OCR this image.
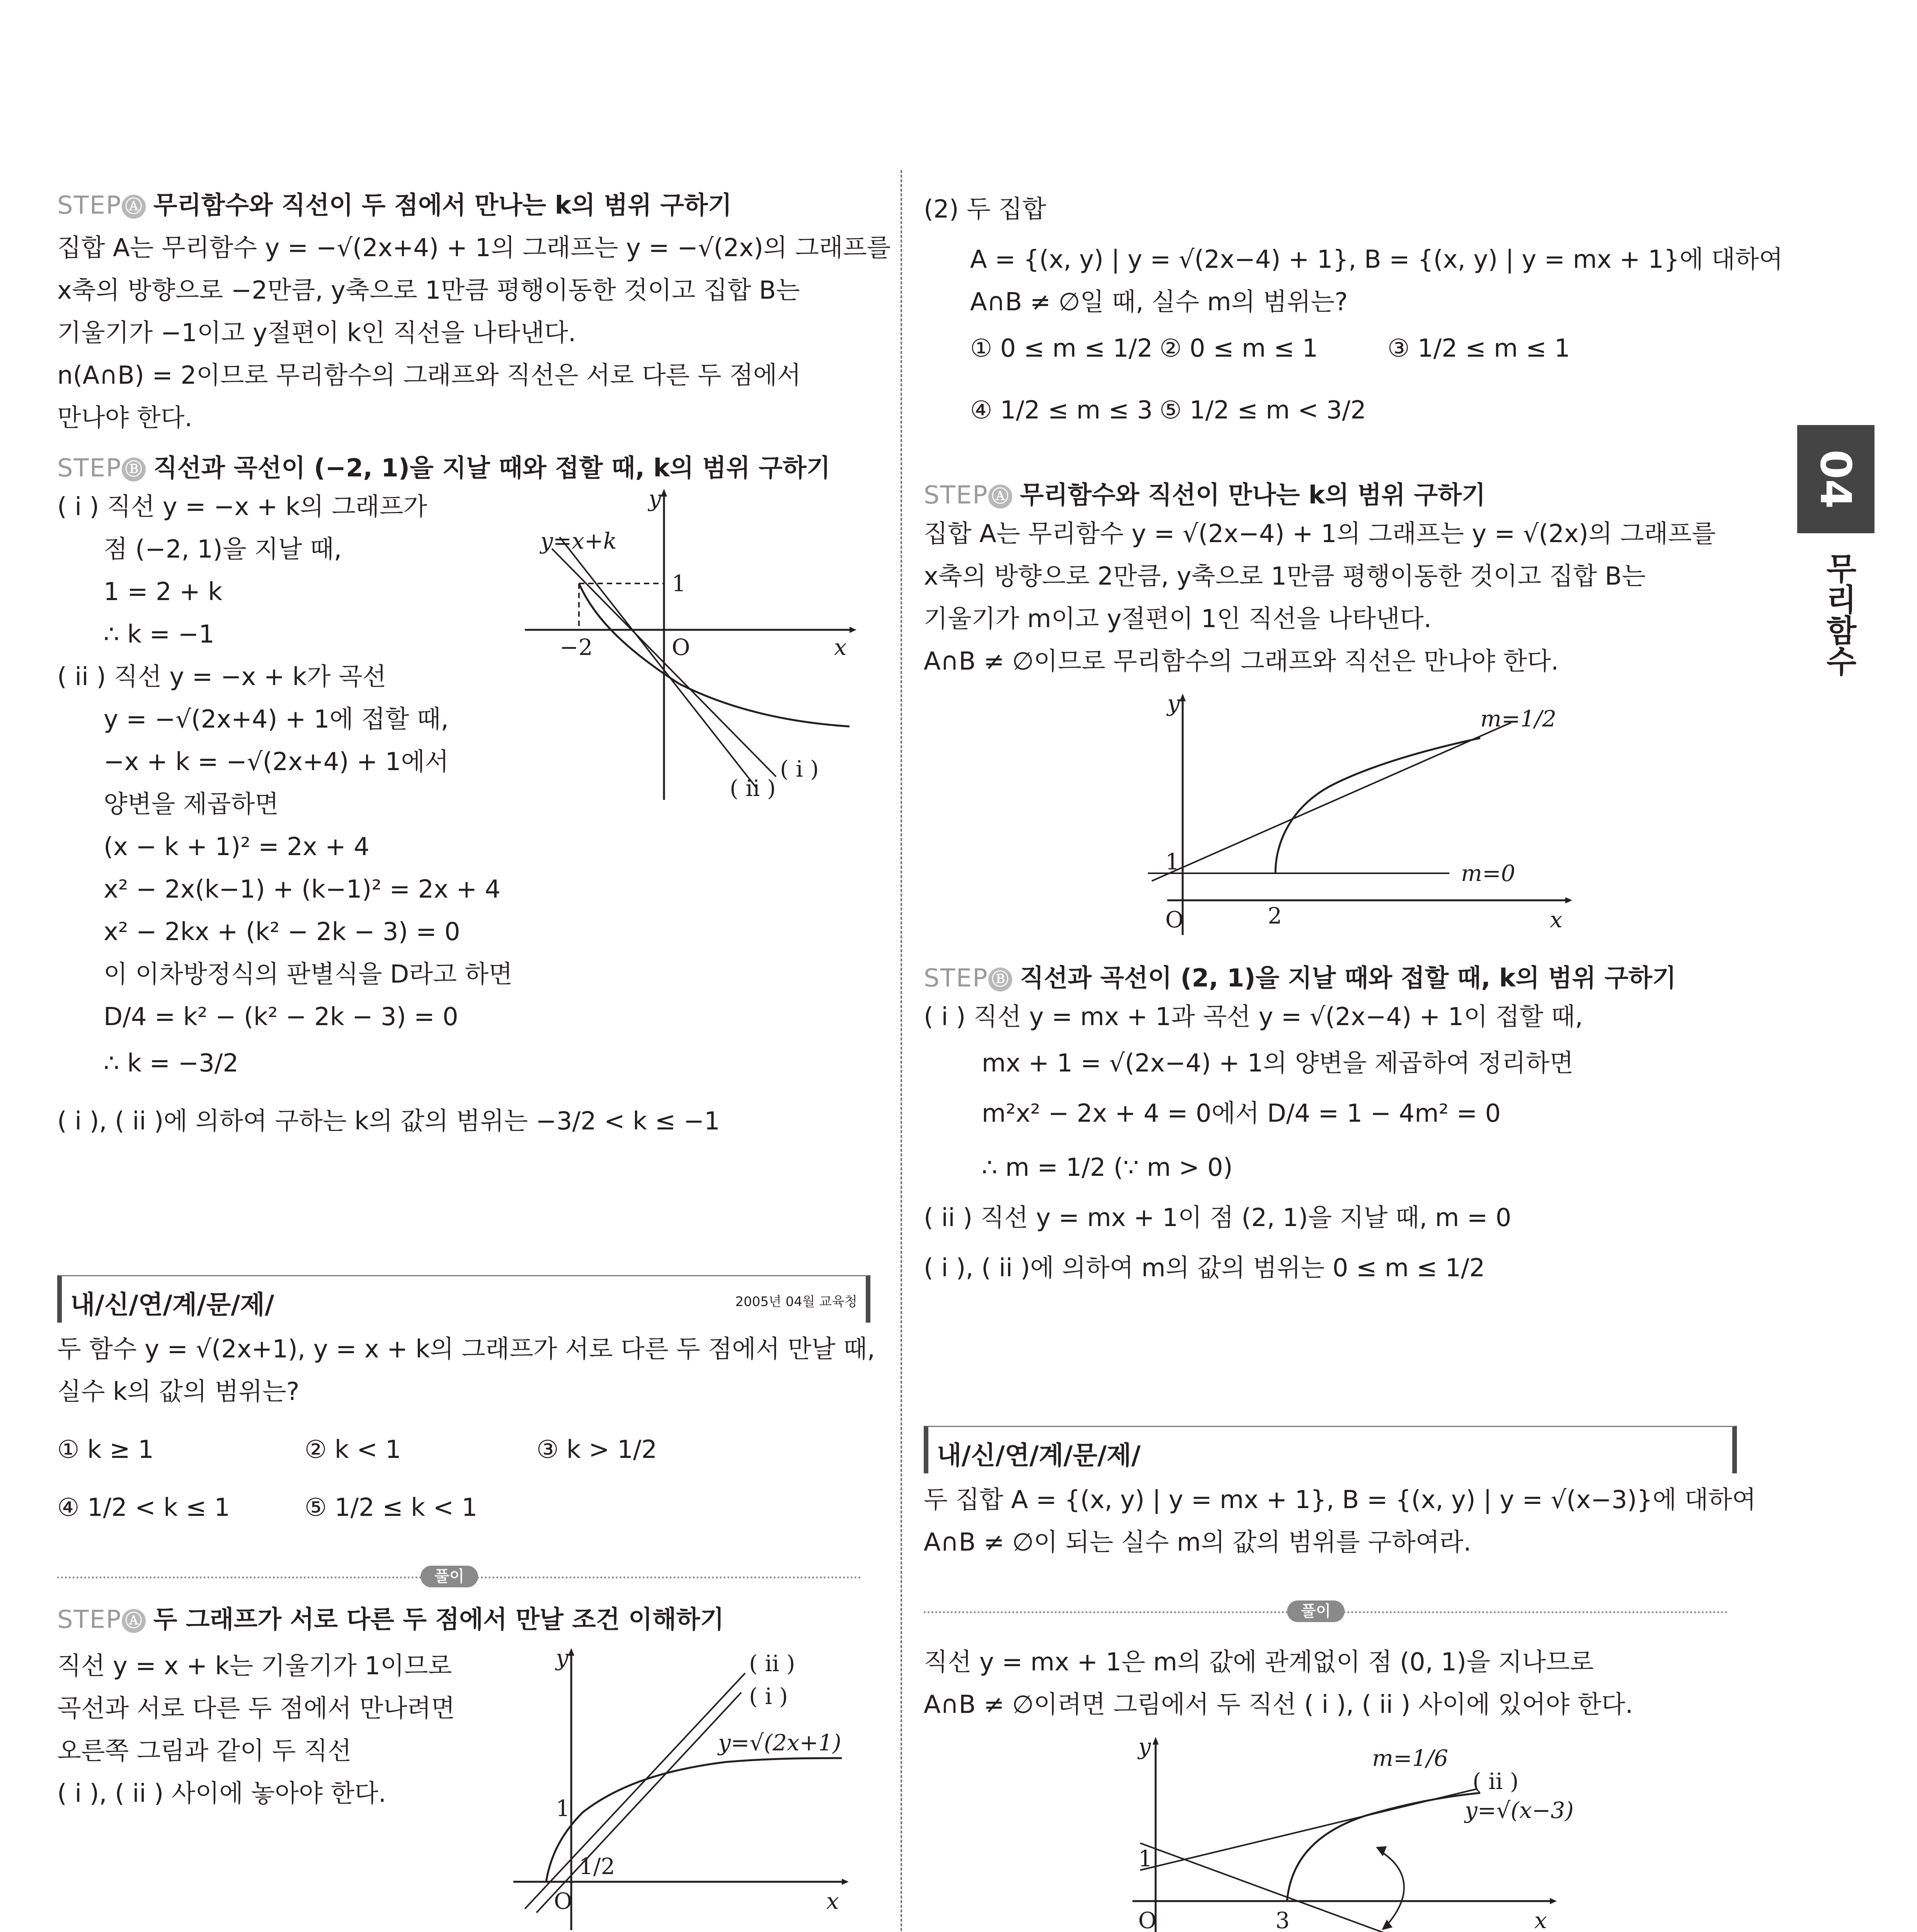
04
무리함수
STEP Ⓐ 무리함수와 직선이 두 점에서 만나는 k의 범위 구하기
집합 A는 무리함수 y = −√(2x+4) + 1의 그래프는 y = −√(2x)의 그래프를
x축의 방향으로 −2만큼, y축으로 1만큼 평행이동한 것이고 집합 B는
기울기가 −1이고 y절편이 k인 직선을 나타낸다.
n(A∩B) = 2이므로 무리함수의 그래프와 직선은 서로 다른 두 점에서
만나야 한다.
STEP Ⓑ 직선과 곡선이 (−2, 1)을 지날 때와 접할 때, k의 범위 구하기
( i ) 직선 y = −x + k의 그래프가
점 (−2, 1)을 지날 때,
1 = 2 + k
∴ k = −1
( ii ) 직선 y = −x + k가 곡선
y = −√(2x+4) + 1에 접할 때,
−x + k = −√(2x+4) + 1에서
양변을 제곱하면
(x − k + 1)² = 2x + 4
x² − 2x(k−1) + (k−1)² = 2x + 4
x² − 2kx + (k² − 2k − 3) = 0
이 이차방정식의 판별식을 D라고 하면
D/4 = k² − (k² − 2k − 3) = 0
∴ k = −3/2
( i ), ( ii )에 의하여 구하는 k의 값의 범위는 −3/2 < k ≤ −1
y=x+k
y
x
O
−2
1
( i )
( ii )
내/신/연/계/문/제/	2005년 04월 교육청
두 함수 y = √(2x+1), y = x + k의 그래프가 서로 다른 두 점에서 만날 때,
실수 k의 값의 범위는?
① k ≥ 1	② k < 1	③ k > 1/2
④ 1/2 < k ≤ 1	⑤ 1/2 ≤ k < 1
풀이
STEP Ⓐ 두 그래프가 서로 다른 두 점에서 만날 조건 이해하기
직선 y = x + k는 기울기가 1이므로
곡선과 서로 다른 두 점에서 만나려면
오른쪽 그림과 같이 두 직선
( i ), ( ii ) 사이에 놓아야 한다.
y
x
O
1
1/2
( i )
( ii )
y=√(2x+1)
(2) 두 집합
A = {(x, y) | y = √(2x−4) + 1}, B = {(x, y) | y = mx + 1}에 대하여
A∩B ≠ ∅일 때, 실수 m의 범위는?
① 0 ≤ m ≤ 1/2 ② 0 ≤ m ≤ 1	③ 1/2 ≤ m ≤ 1
④ 1/2 ≤ m ≤ 3 ⑤ 1/2 ≤ m < 3/2
STEP Ⓐ 무리함수와 직선이 만나는 k의 범위 구하기
집합 A는 무리함수 y = √(2x−4) + 1의 그래프는 y = √(2x)의 그래프를
x축의 방향으로 2만큼, y축으로 1만큼 평행이동한 것이고 집합 B는
기울기가 m이고 y절편이 1인 직선을 나타낸다.
A∩B ≠ ∅이므로 무리함수의 그래프와 직선은 만나야 한다.
y
x
O
1
2
m=1/2
m=0
STEP Ⓑ 직선과 곡선이 (2, 1)을 지날 때와 접할 때, k의 범위 구하기
( i ) 직선 y = mx + 1과 곡선 y = √(2x−4) + 1이 접할 때,
mx + 1 = √(2x−4) + 1의 양변을 제곱하여 정리하면
m²x² − 2x + 4 = 0에서 D/4 = 1 − 4m² = 0
∴ m = 1/2 (∵ m > 0)
( ii ) 직선 y = mx + 1이 점 (2, 1)을 지날 때, m = 0
( i ), ( ii )에 의하여 m의 값의 범위는 0 ≤ m ≤ 1/2
내/신/연/계/문/제/
두 집합 A = {(x, y) | y = mx + 1}, B = {(x, y) | y = √(x−3)}에 대하여
A∩B ≠ ∅이 되는 실수 m의 값의 범위를 구하여라.
풀이
직선 y = mx + 1은 m의 값에 관계없이 점 (0, 1)을 지나므로
A∩B ≠ ∅이려면 그림에서 두 직선 ( i ), ( ii ) 사이에 있어야 한다.
y
x
O
1
3
m=1/6
( ii )
y=√(x−3)
